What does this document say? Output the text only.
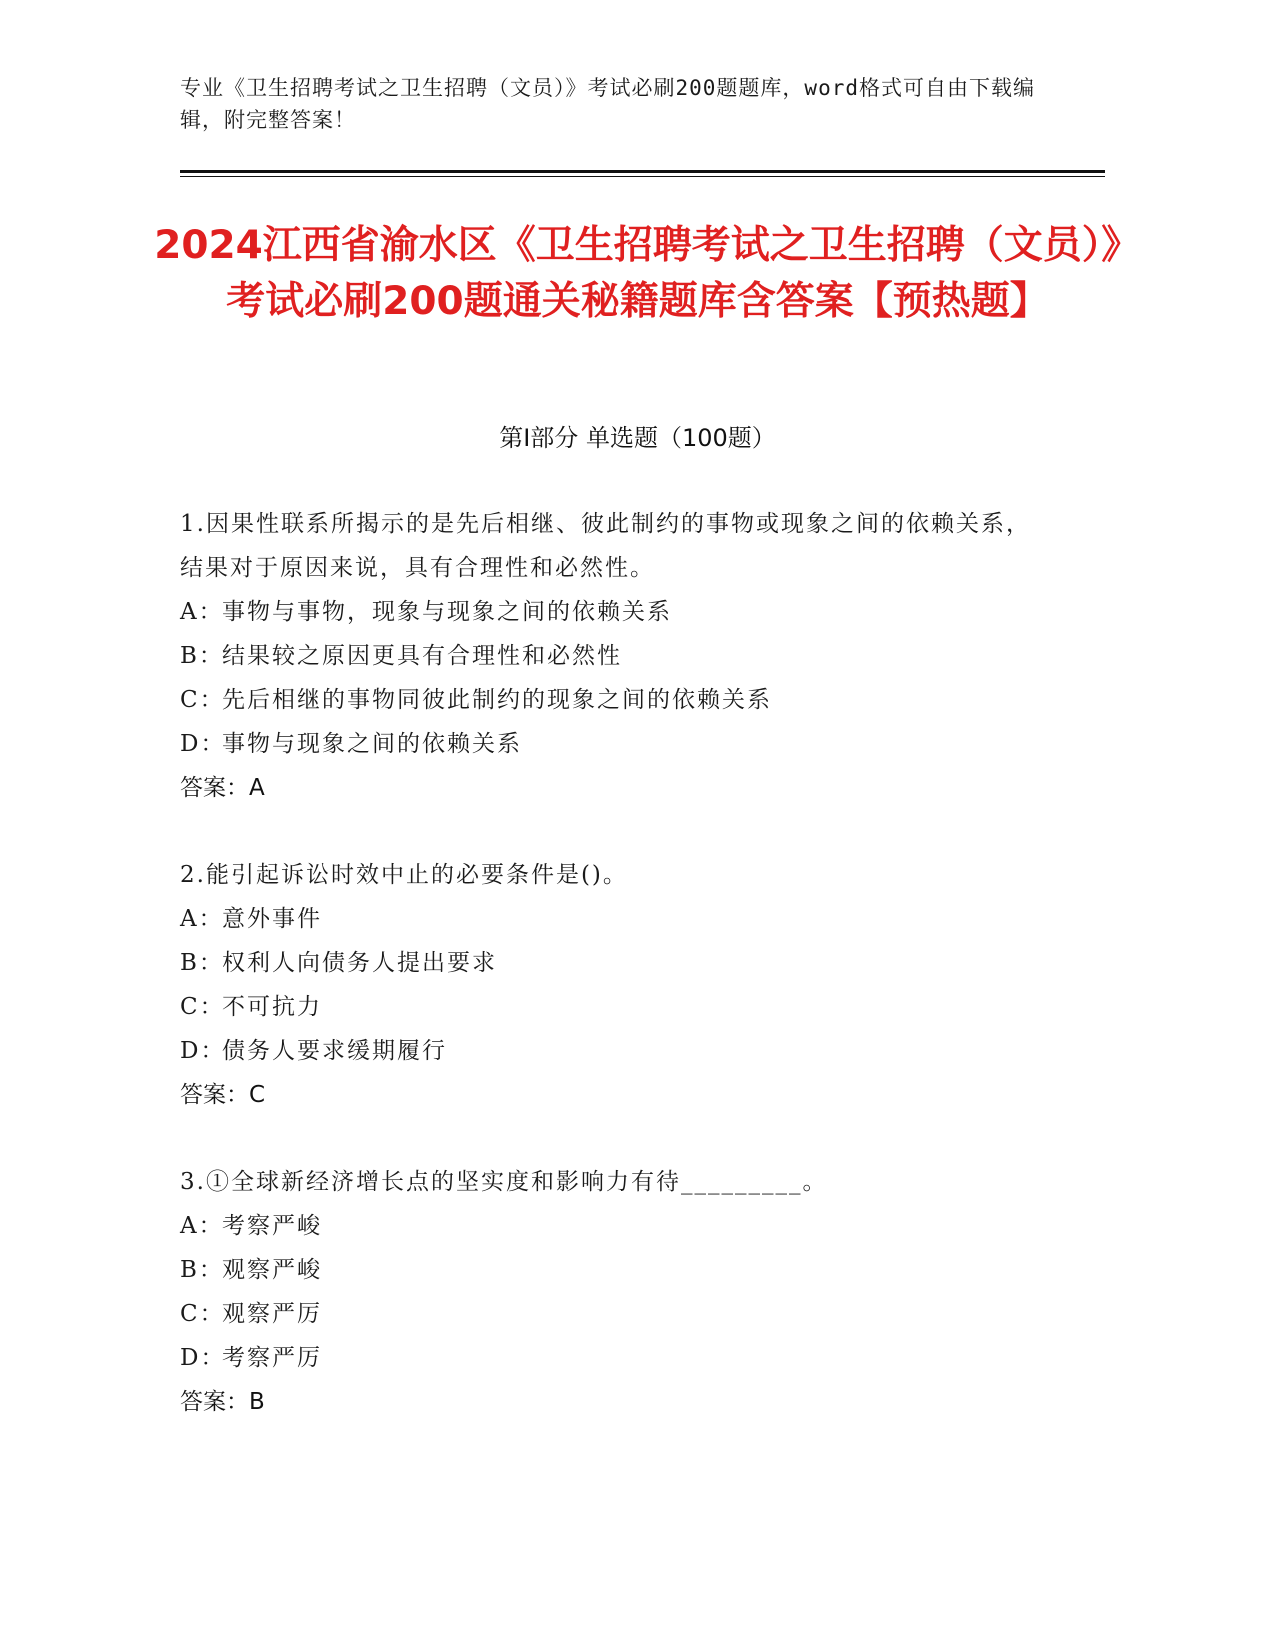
专业《卫生招聘考试之卫生招聘（文员）》考试必刷200题题库，word格式可自由下载编辑，附完整答案！
2024江西省渝水区《卫生招聘考试之卫生招聘（文员）》考试必刷200题通关秘籍题库含答案【预热题】
第Ⅰ部分 单选题（100题）
1.因果性联系所揭示的是先后相继、彼此制约的事物或现象之间的依赖关系，结果对于原因来说，具有合理性和必然性。
A：
事物与事物，现象与现象之间的依赖关系
B：
结果较之原因更具有合理性和必然性
C：
先后相继的事物同彼此制约的现象之间的依赖关系
D：
事物与现象之间的依赖关系
答案：A
2.能引起诉讼时效中止的必要条件是()。
A：
意外事件
B：
权利人向债务人提出要求
C：
不可抗力
D：
债务人要求缓期履行
答案：C
3.①全球新经济增长点的坚实度和影响力有待_________。
A：
考察严峻
B：
观察严峻
C：
观察严厉
D：
考察严厉
答案：B
